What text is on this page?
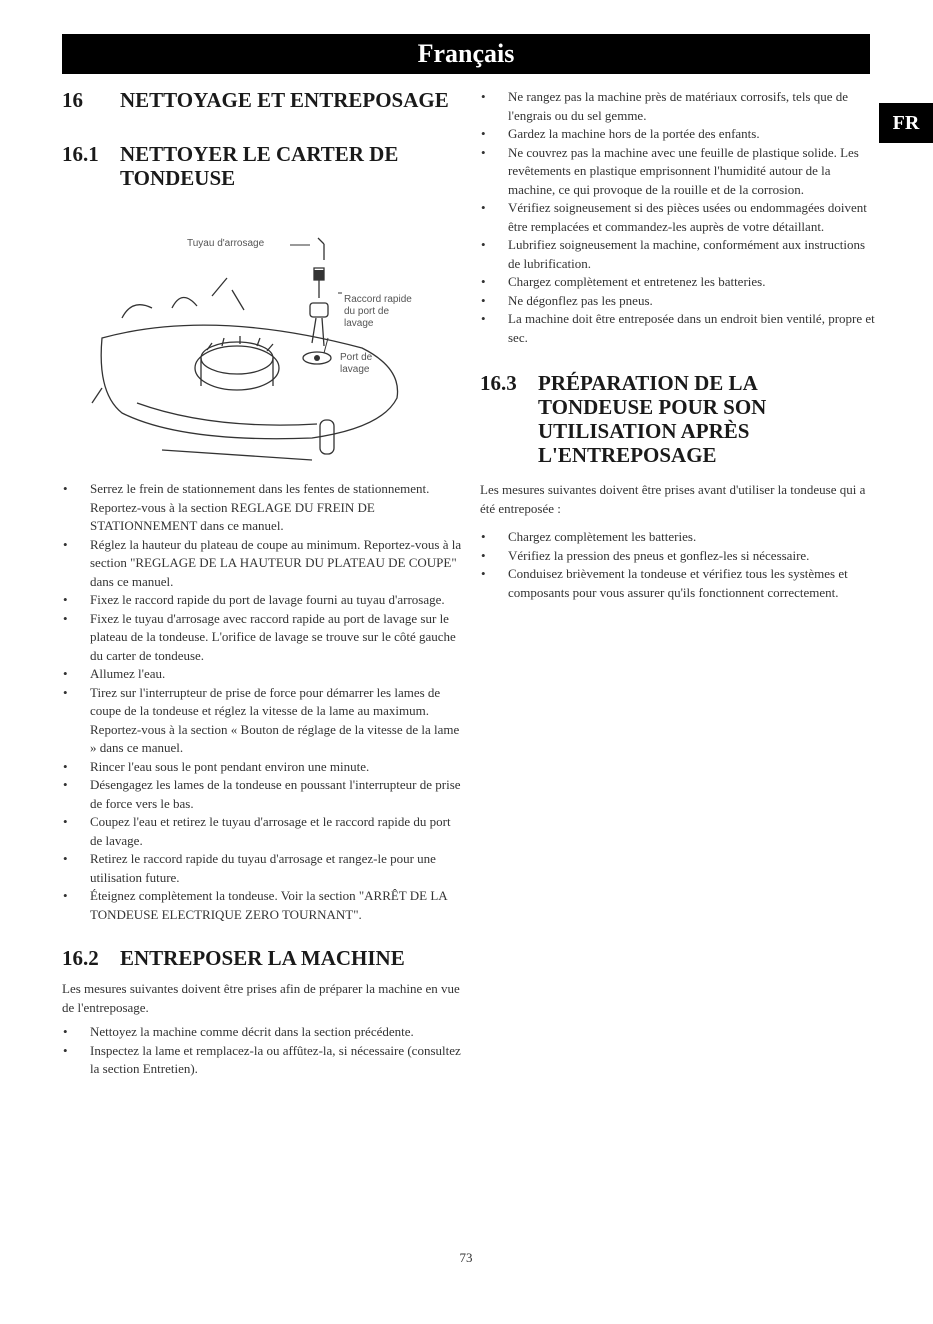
Français
FR
16	NETTOYAGE ET ENTREPOSAGE
16.1	NETTOYER LE CARTER DE TONDEUSE
Tuyau d'arrosage
Raccord rapide du port de lavage
Port de lavage
• Serrez le frein de stationnement dans les fentes de stationnement. Reportez-vous à la section REGLAGE DU FREIN DE STATIONNEMENT dans ce manuel.
• Réglez la hauteur du plateau de coupe au minimum. Reportez-vous à la section "REGLAGE DE LA HAUTEUR DU PLATEAU DE COUPE" dans ce manuel.
• Fixez le raccord rapide du port de lavage fourni au tuyau d'arrosage.
• Fixez le tuyau d'arrosage avec raccord rapide au port de lavage sur le plateau de la tondeuse. L'orifice de lavage se trouve sur le côté gauche du carter de tondeuse.
• Allumez l'eau.
• Tirez sur l'interrupteur de prise de force pour démarrer les lames de coupe de la tondeuse et réglez la vitesse de la lame au maximum. Reportez-vous à la section « Bouton de réglage de la vitesse de la lame » dans ce manuel.
• Rincer l'eau sous le pont pendant environ une minute.
• Désengagez les lames de la tondeuse en poussant l'interrupteur de prise de force vers le bas.
• Coupez l'eau et retirez le tuyau d'arrosage et le raccord rapide du port de lavage.
• Retirez le raccord rapide du tuyau d'arrosage et rangez-le pour une utilisation future.
• Éteignez complètement la tondeuse. Voir la section "ARRÊT DE LA TONDEUSE ELECTRIQUE ZERO TOURNANT".
16.2	ENTREPOSER LA MACHINE

Les mesures suivantes doivent être prises afin de préparer la machine en vue de l'entreposage.

• Nettoyez la machine comme décrit dans la section précédente.
• Inspectez la lame et remplacez-la ou affûtez-la, si nécessaire (consultez la section Entretien).
• Ne rangez pas la machine près de matériaux corrosifs, tels que de l'engrais ou du sel gemme.
• Gardez la machine hors de la portée des enfants.
• Ne couvrez pas la machine avec une feuille de plastique solide. Les revêtements en plastique emprisonnent l'humidité autour de la machine, ce qui provoque de la rouille et de la corrosion.
• Vérifiez soigneusement si des pièces usées ou endommagées doivent être remplacées et commandez-les auprès de votre détaillant.
• Lubrifiez soigneusement la machine, conformément aux instructions de lubrification.
• Chargez complètement et entretenez les batteries.
• Ne dégonflez pas les pneus.
• La machine doit être entreposée dans un endroit bien ventilé, propre et sec.
16.3	PRÉPARATION DE LA TONDEUSE POUR SON UTILISATION APRÈS L'ENTREPOSAGE

Les mesures suivantes doivent être prises avant d'utiliser la tondeuse qui a été entreposée :

• Chargez complètement les batteries.
• Vérifiez la pression des pneus et gonflez-les si nécessaire.
• Conduisez brièvement la tondeuse et vérifiez tous les systèmes et composants pour vous assurer qu'ils fonctionnent correctement.
73
